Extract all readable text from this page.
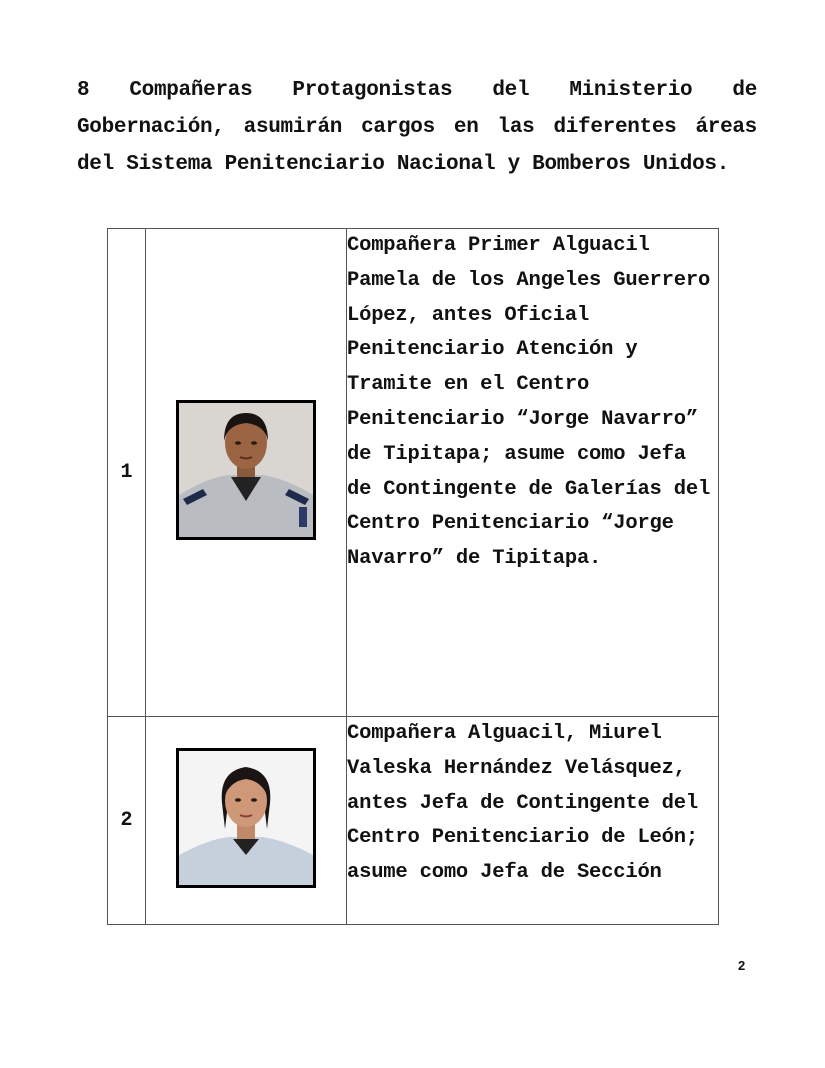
8 Compañeras Protagonistas del Ministerio de Gobernación, asumirán cargos en las diferentes áreas del Sistema Penitenciario Nacional y Bomberos Unidos.
1		Compañera Primer Alguacil Pamela de los Angeles Guerrero López, antes Oficial Penitenciario Atención y Tramite en el Centro Penitenciario “Jorge Navarro” de Tipitapa; asume como Jefa de Contingente de Galerías del Centro Penitenciario “Jorge Navarro” de Tipitapa.
2		Compañera Alguacil, Miurel Valeska Hernández Velásquez, antes Jefa de Contingente del Centro Penitenciario de León; asume como Jefa de Sección
2
